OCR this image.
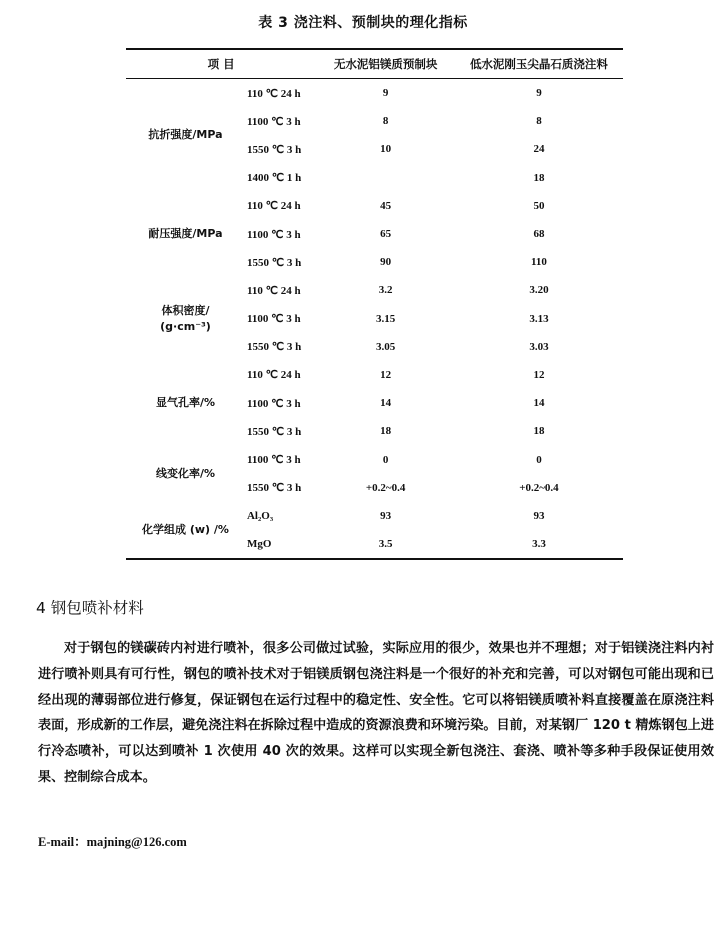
表 3 浇注料、预制块的理化指标
项 目		无水泥铝镁质预制块	低水泥刚玉尖晶石质浇注料

抗折强度/MPa	110 ℃ 24 h	9	9
	1100 ℃ 3 h	8	8
	1550 ℃ 3 h	10	24
	1400 ℃ 1 h		18

耐压强度/MPa	110 ℃ 24 h	45	50
	1100 ℃ 3 h	65	68
	1550 ℃ 3 h	90	110

体积密度/
(g·cm⁻³)	110 ℃ 24 h	3.2	3.20
	1100 ℃ 3 h	3.15	3.13
	1550 ℃ 3 h	3.05	3.03

显气孔率/%	110 ℃ 24 h	12	12
	1100 ℃ 3 h	14	14
	1550 ℃ 3 h	18	18

线变化率/%	1100 ℃ 3 h	0	0
	1550 ℃ 3 h	+0.2~0.4	+0.2~0.4

化学组成 (w) /%	Al₂O₃	93	93
	MgO	3.5	3.3
4 钢包喷补材料
对于钢包的镁碳砖内衬进行喷补，很多公司做过试验，实际应用的很少，效果也并不理想；对于铝镁浇注料内衬进行喷补则具有可行性，钢包的喷补技术对于铝镁质钢包浇注料是一个很好的补充和完善，可以对钢包可能出现和已经出现的薄弱部位进行修复，保证钢包在运行过程中的稳定性、安全性。它可以将铝镁质喷补料直接覆盖在原浇注料表面，形成新的工作层，避免浇注料在拆除过程中造成的资源浪费和环境污染。目前，对某钢厂 120 t 精炼钢包上进行冷态喷补，可以达到喷补 1 次使用 40 次的效果。这样可以实现全新包浇注、套浇、喷补等多种手段保证使用效果、控制综合成本。
E-mail：majning@126.com
